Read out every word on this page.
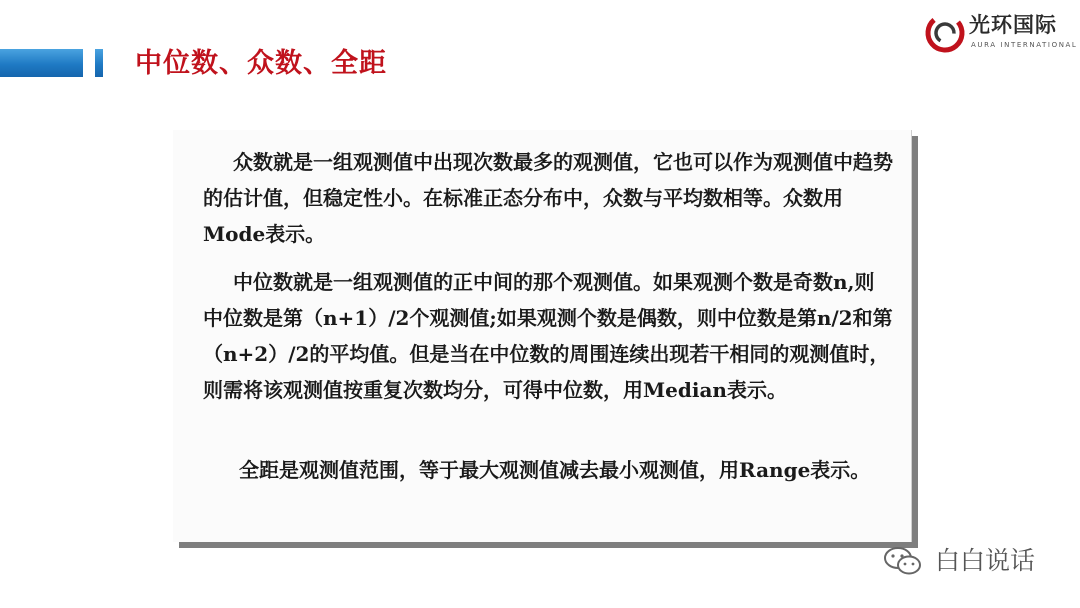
中位数、众数、全距
光环国际
AURA INTERNATIONAL

众数就是一组观测值中出现次数最多的观测值，它也可以作为观测值中趋势的估计值，但稳定性小。在标准正态分布中，众数与平均数相等。众数用Mode表示。

中位数就是一组观测值的正中间的那个观测值。如果观测个数是奇数n,则中位数是第（n+1）/2个观测值;如果观测个数是偶数，则中位数是第n/2和第（n+2）/2的平均值。但是当在中位数的周围连续出现若干相同的观测值时，则需将该观测值按重复次数均分，可得中位数，用Median表示。

全距是观测值范围，等于最大观测值减去最小观测值，用Range表示。

白白说话
